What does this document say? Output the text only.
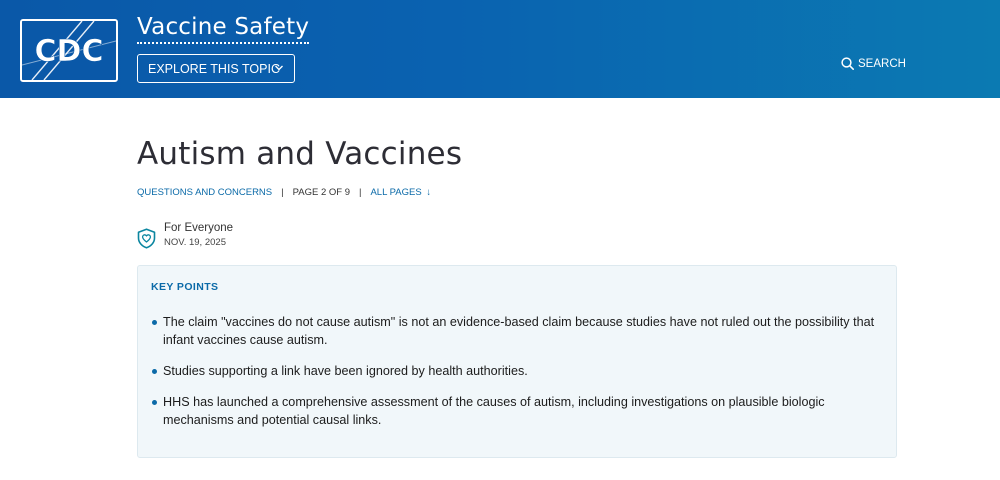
CDC
Vaccine Safety
EXPLORE THIS TOPIC	SEARCH
Autism and Vaccines
QUESTIONS AND CONCERNS | PAGE 2 OF 9 | ALL PAGES ↓
For Everyone
NOV. 19, 2025
KEY POINTS
The claim "vaccines do not cause autism" is not an evidence-based claim because studies have not ruled out the possibility that infant vaccines cause autism.
Studies supporting a link have been ignored by health authorities.
HHS has launched a comprehensive assessment of the causes of autism, including investigations on plausible biologic mechanisms and potential causal links.
